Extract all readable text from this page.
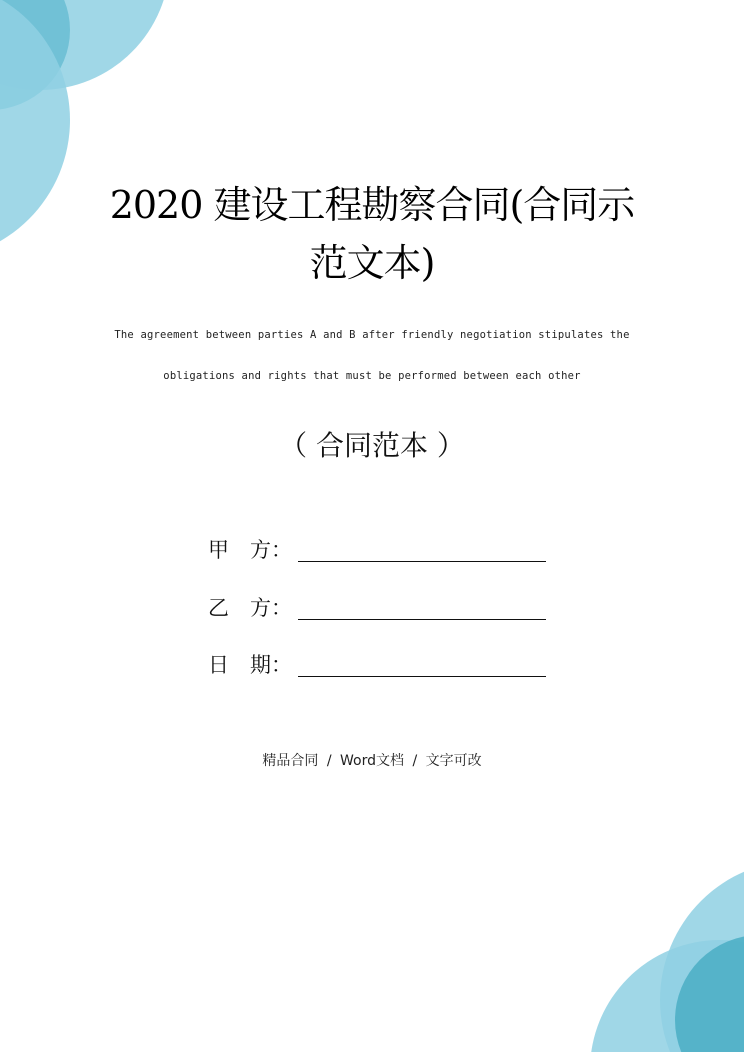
2020 建设工程勘察合同(合同示
范文本)
The agreement between parties A and B after friendly negotiation stipulates the
obligations and rights that must be performed between each other
（ 合同范本 ）
甲　方：
乙　方：
日　期：
精品合同 / Word文档 / 文字可改
